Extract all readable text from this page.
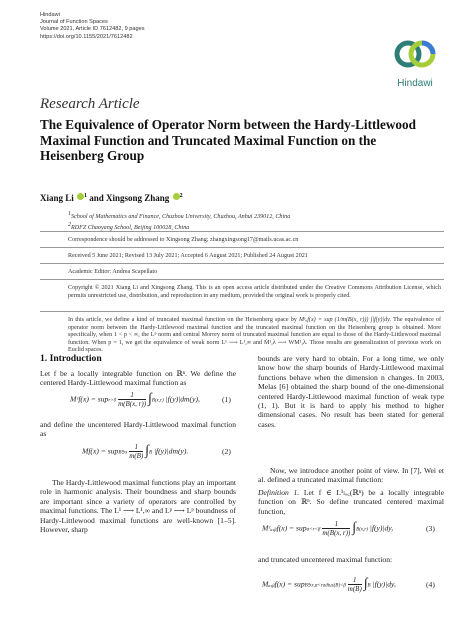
Hindawi
Journal of Function Spaces
Volume 2021, Article ID 7612482, 9 pages
https://doi.org/10.1155/2021/7612482
Hindawi
Research Article
The Equivalence of Operator Norm between the Hardy-Littlewood Maximal Function and Truncated Maximal Function on the Heisenberg Group
Xiang Li $^1$ and Xingsong Zhang $^2$
$^1$School of Mathematics and Finance, Chuzhou University, Chuzhou, Anhui 239012, China
$^2$RDFZ Chaoyang School, Beijing 100028, China
Correspondence should be addressed to Xingsong Zhang; zhangxingsong17@mails.ucas.ac.cn
Received 5 June 2021; Revised 13 July 2021; Accepted 6 August 2021; Published 24 August 2021
Academic Editor: Andrea Scapellato
Copyright © 2021 Xiang Li and Xingsong Zhang. This is an open access article distributed under the Creative Commons Attribution License, which permits unrestricted use, distribution, and reproduction in any medium, provided the original work is properly cited.
In this article, we define a kind of truncated maximal function on the Heisenberg space by Mᵞₐf(x) = sup (1/m(B(x, r))) ∫|f(y)|dy. The equivalence of operator norm between the Hardy-Littlewood maximal function and the truncated maximal function on the Heisenberg group is obtained. More specifically, when 1 < p < ∞, the Lᵖ norm and central Morrey norm of truncated maximal function are equal to those of the Hardy-Littlewood maximal function. When p = 1, we get the equivalence of weak norm L¹ ⟶ L¹,∞ and Ṁ¹,λ ⟶ WM¹,λ. Those results are generalization of previous work on Euclid spaces.
1. Introduction
Let f be a locally integrable function on ℝⁿ. We define the centered Hardy-Littlewood maximal function as
Mᶜf(x) = supr>0 $\frac{1}{m(B(x, r))} \int B(x,r)$ |f(y)|dm(y),	(1)
and define the uncentered Hardy-Littlewood maximal function as
Mf(x) = supB∋x $\frac{1}{m(B)} \int B$ |f(y)|dm(y).	(2)
The Hardy-Littlewood maximal functions play an important role in harmonic analysis. Their boundness and sharp bounds are important since a variety of operators are controlled by maximal functions. The L¹ ⟶ L¹,∞ and Lᵖ ⟶ Lᵖ boundness of Hardy-Littlewood maximal functions are well-known [1–5]. However, sharp
bounds are very hard to obtain. For a long time, we only know how the sharp bounds of Hardy-Littlewood maximal functions behave when the dimension n changes. In 2003, Melas [6] obtained the sharp bound of the one-dimensional centered Hardy-Littlewood maximal function of weak type (1, 1). But it is hard to apply his method to higher dimensional cases. No result has been stated for general cases.
Now, we introduce another point of view. In [7], Wei et al. defined a truncated maximal function:
Definition 1. Let f ∈ L¹ₗₒ꜀(ℝⁿ) be a locally integrable function on ℝⁿ. So define truncated centered maximal function,
Mᶜₐ,ᵦf(x) = $sup\alpha<r<\beta \frac{1}{m(B(x, r))} \int B(x,r)$ |f(y)|dy,	(3)
and truncated uncentered maximal function:
Mₐ,ᵦf(x) = supB∋x,α<radius(B)<β $\frac{1}{m(B)} \int B$ |f(y)|dy,	(4)
